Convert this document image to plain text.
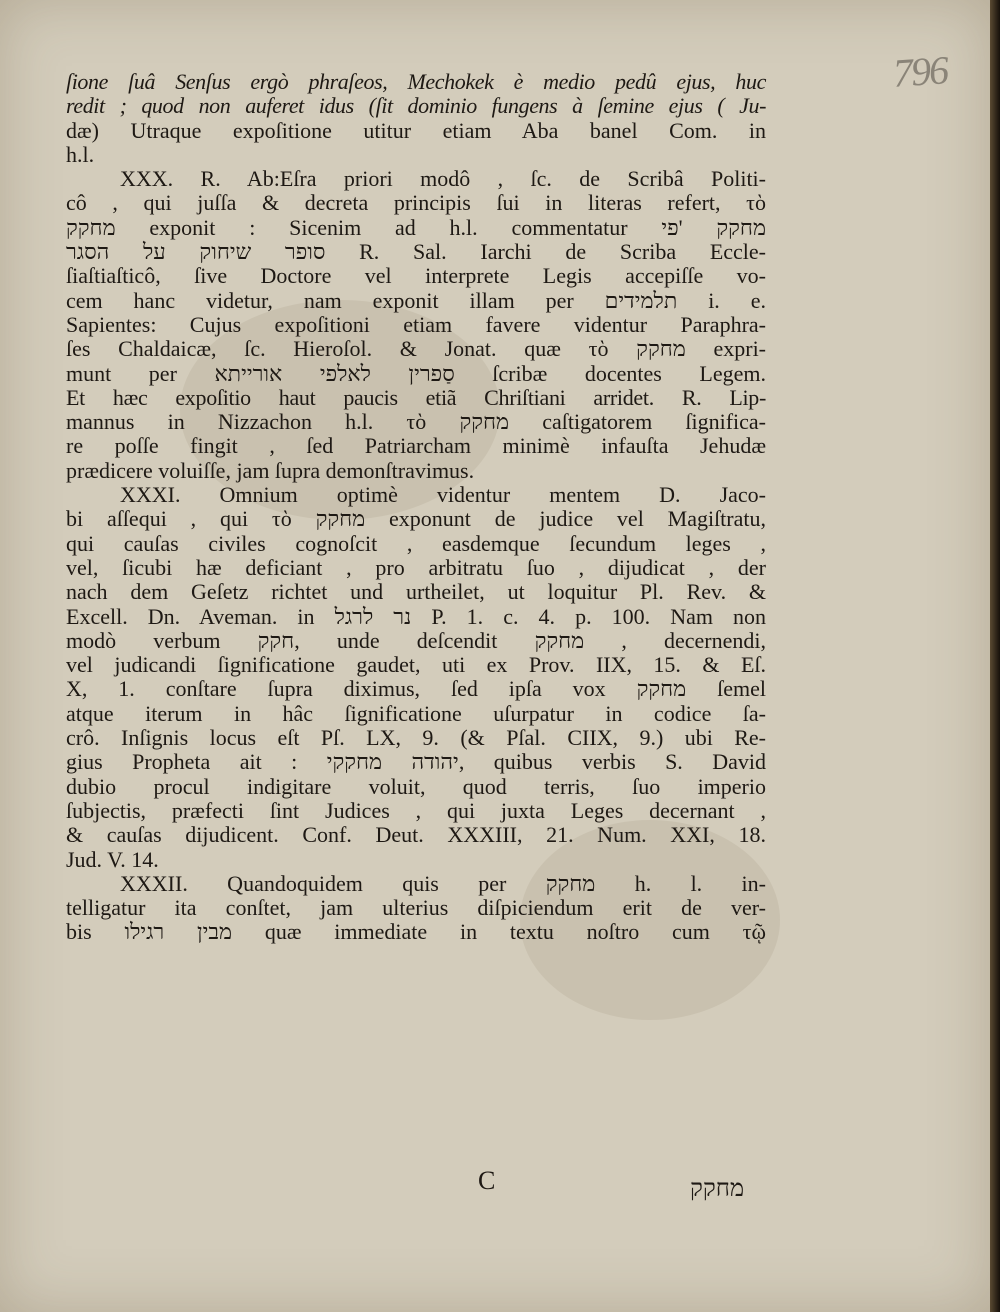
796
ſione ſuâ Senſus ergò phraſeos, Mechokek è medio pedû ejus, huc
redit ; quod non auferet idus (ſit dominio fungens à ſemine ejus ( Ju-
dæ) Utraque expoſitione utitur etiam Aba banel Com. in
h.l.
XXX. R. Ab:Eſra priori modô , ſc. de Scribâ Politi-
cô , qui juſſa & decreta principis ſui in literas refert, τὸ
מחקק exponit : Sicenim ad h.l. commentatur מחקק 'פי
סופר שיחוק על הסגר R. Sal. Iarchi de Scriba Eccle-
ſiaſtiaſticô, ſive Doctore vel interprete Legis accepiſſe vo-
cem hanc videtur, nam exponit illam per תלמידים i. e.
Sapientes: Cujus expoſitioni etiam favere videntur Paraphra-
ſes Chaldaicæ, ſc. Hieroſol. & Jonat. quæ τὸ מחקק expri-
munt per סַפרין לאלפי אורייתא ſcribæ docentes Legem.
Et hæc expoſitio haut paucis etiã Chriſtiani arridet. R. Lip-
mannus in Nizzachon h.l. τὸ מחקק caſtigatorem ſignifica-
re poſſe fingit , ſed Patriarcham minimè infauſta Jehudæ
prædicere voluiſſe, jam ſupra demonſtravimus.
XXXI. Omnium optimè videntur mentem D. Jaco-
bi aſſequi , qui τὸ מחקק exponunt de judice vel Magiſtratu,
qui cauſas civiles cognoſcit , easdemque ſecundum leges ,
vel, ſicubi hæ deficiant , pro arbitratu ſuo , dijudicat , der
nach dem Geſetz richtet und urtheilet, ut loquitur Pl. Rev. &
Excell. Dn. Aveman. in נר לרגל P. 1. c. 4. p. 100. Nam non
modò verbum חקק, unde deſcendit מחקק , decernendi,
vel judicandi ſignificatione gaudet, uti ex Prov. IIX, 15. & Eſ.
X, 1. conſtare ſupra diximus, ſed ipſa vox מחקק ſemel
atque iterum in hâc ſignificatione uſurpatur in codice ſa-
crô. Inſignis locus eſt Pſ. LX, 9. (& Pſal. CIIX, 9.) ubi Re-
gius Propheta ait : יהודה מחקקי, quibus verbis S. David
dubio procul indigitare voluit, quod terris, ſuo imperio
ſubjectis, præfecti ſint Judices , qui juxta Leges decernant ,
& cauſas dijudicent. Conf. Deut. XXXIII, 21. Num. XXI, 18.
Jud. V. 14.
XXXII. Quandoquidem quis per מחקק h. l. in-
telligatur ita conſtet, jam ulterius diſpiciendum erit de ver-
bis מבין רגילו quæ immediate in textu noſtro cum τῷ
C	מחקק
